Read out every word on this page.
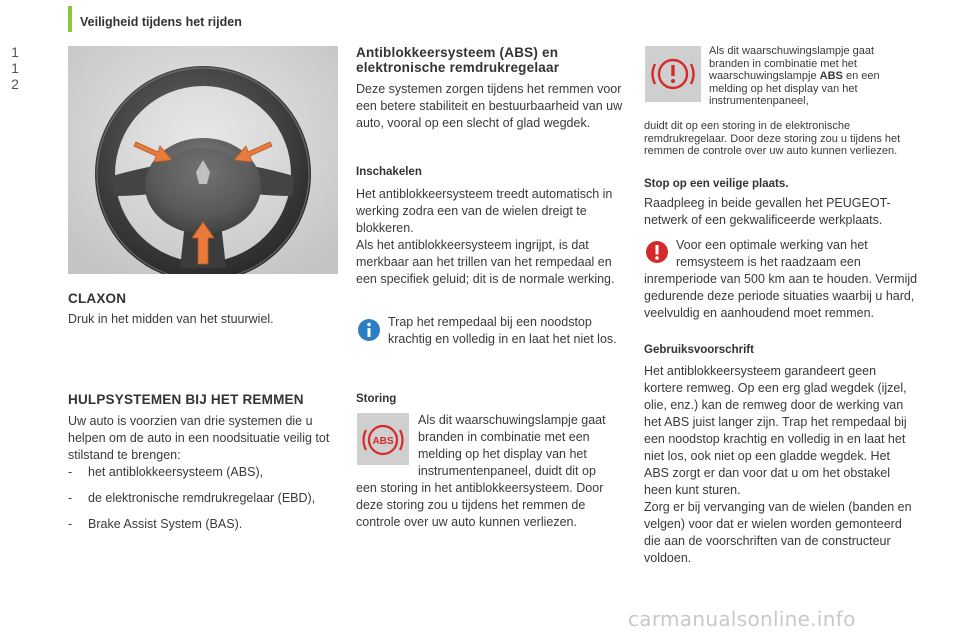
Veiligheid tijdens het rijden
1
1
2
CLAXON
Druk in het midden van het stuurwiel.
HULPSYSTEMEN BIJ HET REMMEN
Uw auto is voorzien van drie systemen die u helpen om de auto in een noodsituatie veilig tot stilstand te brengen:
- het antiblokkeersysteem (ABS),
- de elektronische remdrukregelaar (EBD),
- Brake Assist System (BAS).
Antiblokkeersysteem (ABS) en
elektronische remdrukregelaar
Deze systemen zorgen tijdens het remmen voor een betere stabiliteit en bestuurbaarheid van uw auto, vooral op een slecht of glad wegdek.
Inschakelen
Het antiblokkeersysteem treedt automatisch in werking zodra een van de wielen dreigt te blokkeren.
Als het antiblokkeersysteem ingrijpt, is dat merkbaar aan het trillen van het rempedaal en een specifiek geluid; dit is de normale werking.
Trap het rempedaal bij een noodstop krachtig en volledig in en laat het niet los.
Storing
ABS
Als dit waarschuwingslampje gaat branden in combinatie met een melding op het display van het instrumentenpaneel, duidt dit op
een storing in het antiblokkeersysteem. Door deze storing zou u tijdens het remmen de controle over uw auto kunnen verliezen.
Als dit waarschuwingslampje gaat branden in combinatie met het waarschuwingslampje ABS en een melding op het display van het instrumentenpaneel,
duidt dit op een storing in de elektronische remdrukregelaar. Door deze storing zou u tijdens het remmen de controle over uw auto kunnen verliezen.
Stop op een veilige plaats.
Raadpleeg in beide gevallen het PEUGEOT-netwerk of een gekwalificeerde werkplaats.
Voor een optimale werking van het remsysteem is het raadzaam een
inremperiode van 500 km aan te houden. Vermijd gedurende deze periode situaties waarbij u hard, veelvuldig en aanhoudend moet remmen.
Gebruiksvoorschrift
Het antiblokkeersysteem garandeert geen kortere remweg. Op een erg glad wegdek (ijzel, olie, enz.) kan de remweg door de werking van het ABS juist langer zijn. Trap het rempedaal bij een noodstop krachtig en volledig in en laat het niet los, ook niet op een gladde wegdek. Het ABS zorgt er dan voor dat u om het obstakel heen kunt sturen.
Zorg er bij vervanging van de wielen (banden en velgen) voor dat er wielen worden gemonteerd die aan de voorschriften van de constructeur voldoen.
carmanualsonline.info
